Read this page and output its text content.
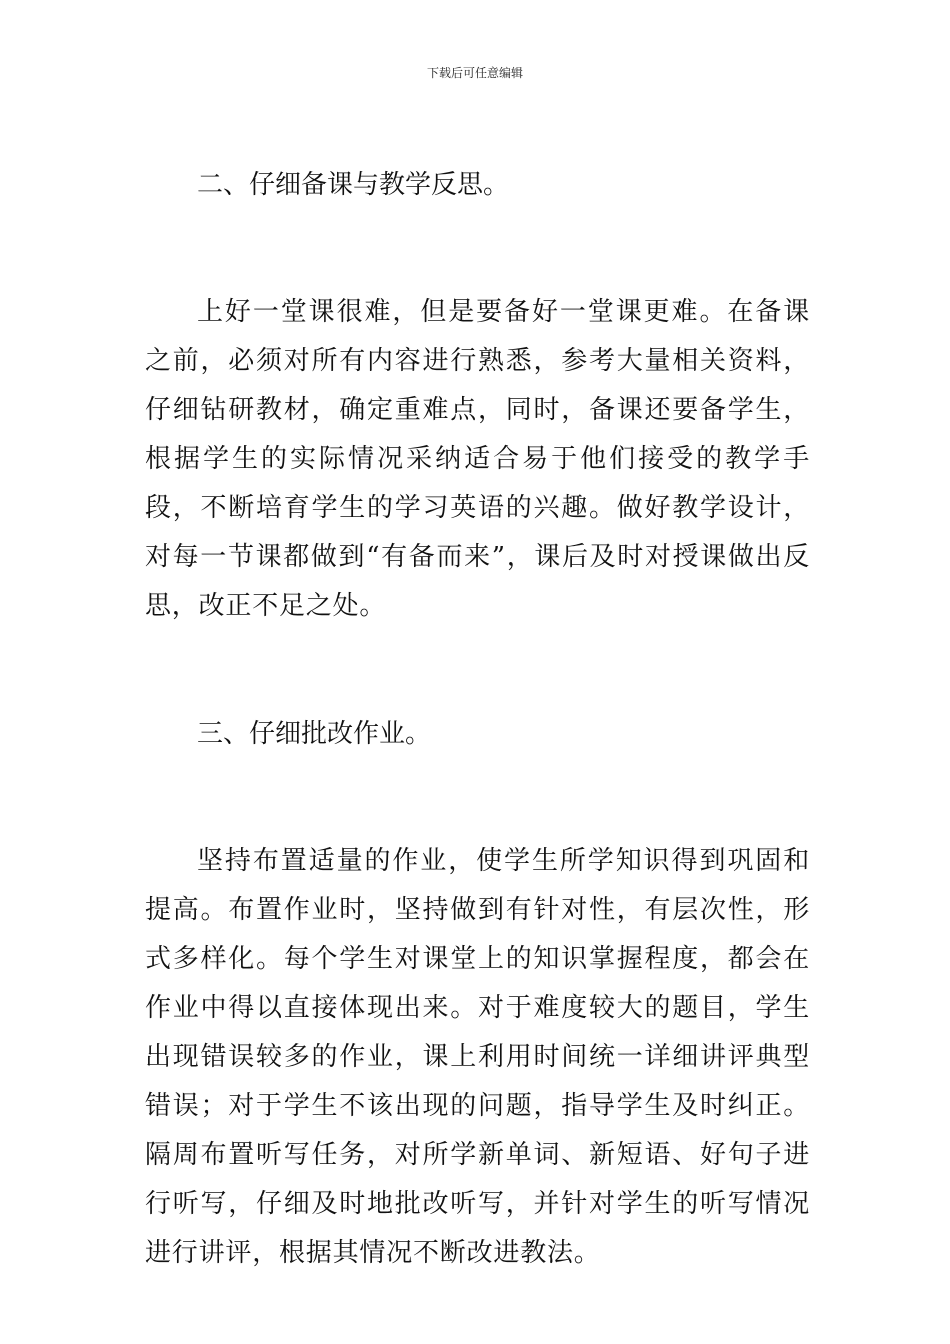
下载后可任意编辑

二、仔细备课与教学反思。

上好一堂课很难，但是要备好一堂课更难。在备课之前，必须对所有内容进行熟悉，参考大量相关资料，仔细钻研教材，确定重难点，同时，备课还要备学生，根据学生的实际情况采纳适合易于他们接受的教学手段，不断培育学生的学习英语的兴趣。做好教学设计，对每一节课都做到“有备而来”，课后及时对授课做出反思，改正不足之处。

三、仔细批改作业。

坚持布置适量的作业，使学生所学知识得到巩固和提高。布置作业时，坚持做到有针对性，有层次性，形式多样化。每个学生对课堂上的知识掌握程度，都会在作业中得以直接体现出来。对于难度较大的题目，学生出现错误较多的作业，课上利用时间统一详细讲评典型错误；对于学生不该出现的问题，指导学生及时纠正。隔周布置听写任务，对所学新单词、新短语、好句子进行听写，仔细及时地批改听写，并针对学生的听写情况进行讲评，根据其情况不断改进教法。
